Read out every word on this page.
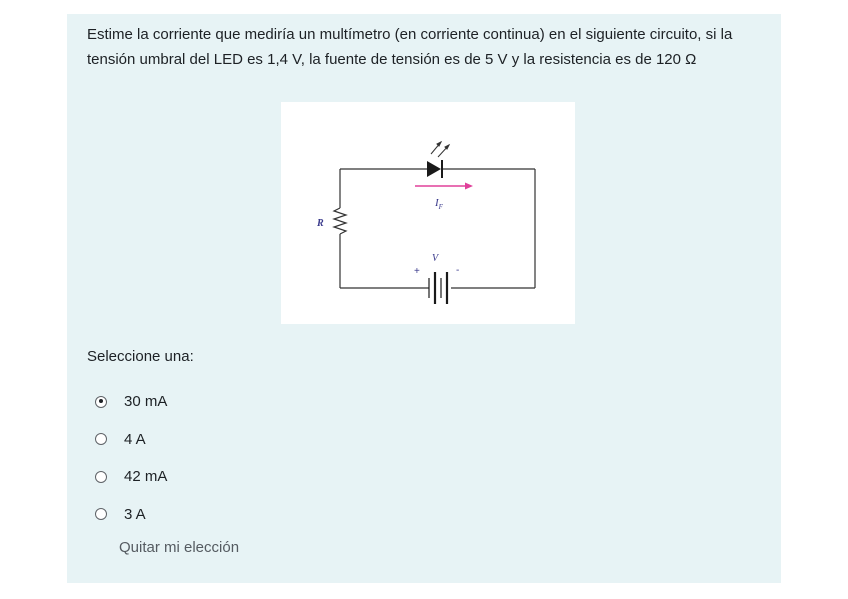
Estime la corriente que mediría un multímetro (en corriente continua) en el siguiente circuito, si la tensión umbral del LED es 1,4 V, la fuente de tensión es de 5 V y la resistencia es de 120 Ω

$I_F$
R
V
+	-
Seleccione una:
30 mA
4 A
42 mA
3 A
Quitar mi elección
